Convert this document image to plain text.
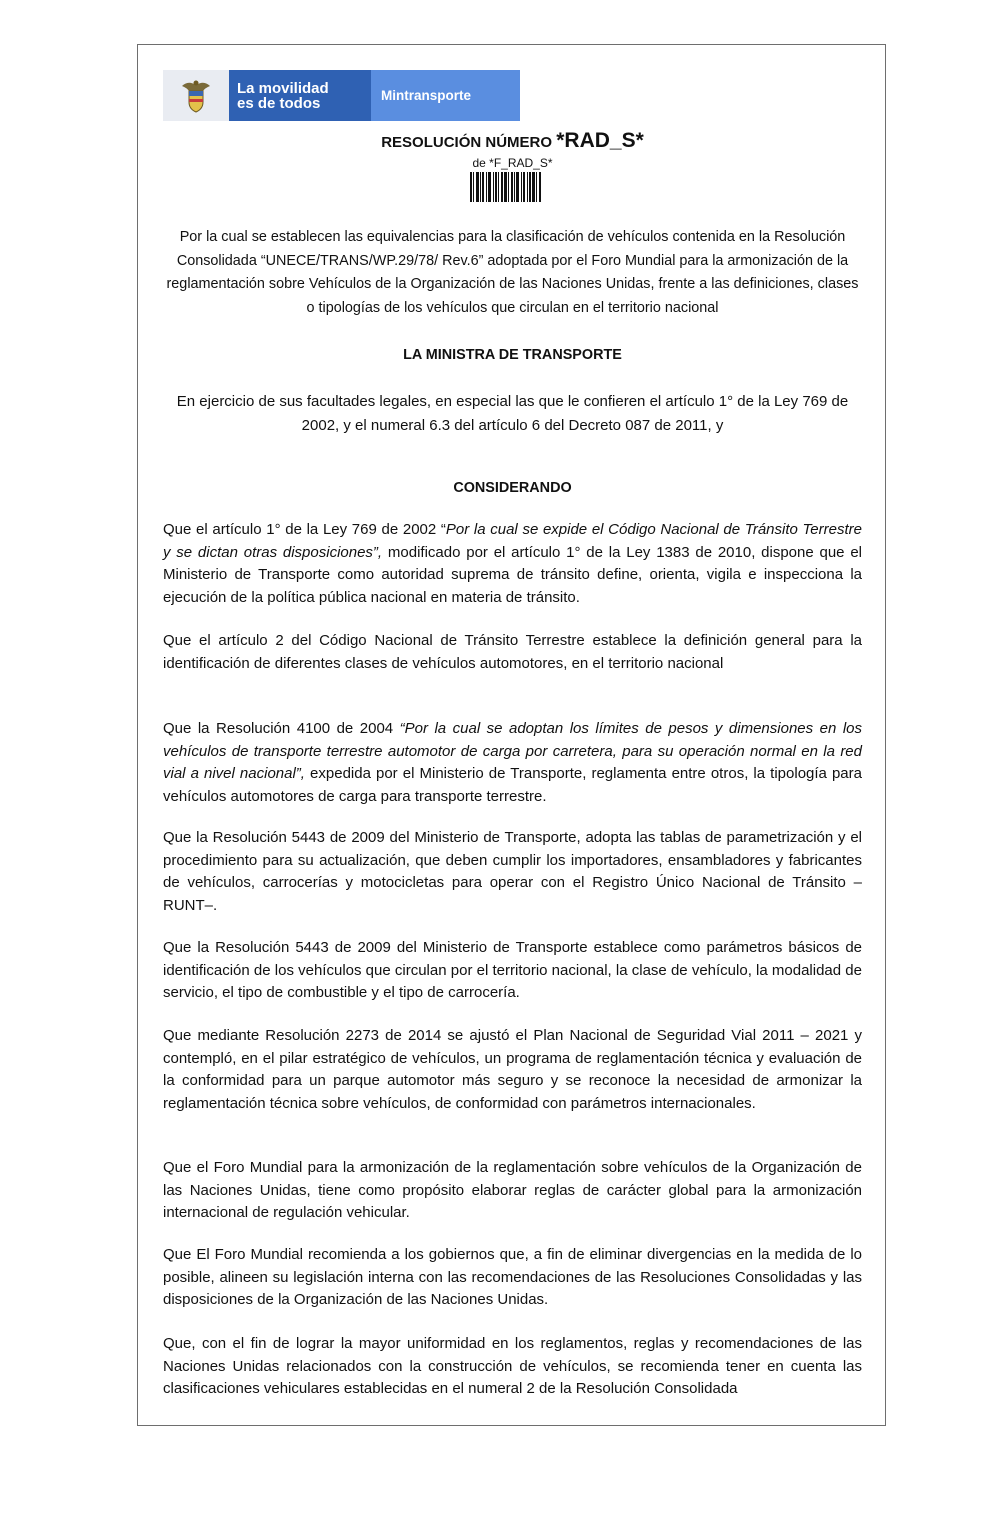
La movilidad
es de todos	Mintransporte
RESOLUCIÓN NÚMERO *RAD_S*
de *F_RAD_S*
Por la cual se establecen las equivalencias para la clasificación de vehículos contenida en la Resolución Consolidada “UNECE/TRANS/WP.29/78/ Rev.6” adoptada por el Foro Mundial para la armonización de la reglamentación sobre Vehículos de la Organización de las Naciones Unidas, frente a las definiciones, clases o tipologías de los vehículos que circulan en el territorio nacional
LA MINISTRA DE TRANSPORTE
En ejercicio de sus facultades legales, en especial las que le confieren el artículo 1° de la Ley 769 de 2002, y el numeral 6.3 del artículo 6 del Decreto 087 de 2011, y
CONSIDERANDO

Que el artículo 1° de la Ley 769 de 2002 “Por la cual se expide el Código Nacional de Tránsito Terrestre y se dictan otras disposiciones”, modificado por el artículo 1° de la Ley 1383 de 2010, dispone que el Ministerio de Transporte como autoridad suprema de tránsito define, orienta, vigila e inspecciona la ejecución de la política pública nacional en materia de tránsito.

Que el artículo 2 del Código Nacional de Tránsito Terrestre establece la definición general para la identificación de diferentes clases de vehículos automotores, en el territorio nacional

Que la Resolución 4100 de 2004 “Por la cual se adoptan los límites de pesos y dimensiones en los vehículos de transporte terrestre automotor de carga por carretera, para su operación normal en la red vial a nivel nacional”, expedida por el Ministerio de Transporte, reglamenta entre otros, la tipología para vehículos automotores de carga para transporte terrestre.

Que la Resolución 5443 de 2009 del Ministerio de Transporte, adopta las tablas de parametrización y el procedimiento para su actualización, que deben cumplir los importadores, ensambladores y fabricantes de vehículos, carrocerías y motocicletas para operar con el Registro Único Nacional de Tránsito –RUNT–.

Que la Resolución 5443 de 2009 del Ministerio de Transporte establece como parámetros básicos de identificación de los vehículos que circulan por el territorio nacional, la clase de vehículo, la modalidad de servicio, el tipo de combustible y el tipo de carrocería.

Que mediante Resolución 2273 de 2014 se ajustó el Plan Nacional de Seguridad Vial 2011 – 2021 y contempló, en el pilar estratégico de vehículos, un programa de reglamentación técnica y evaluación de la conformidad para un parque automotor más seguro y se reconoce la necesidad de armonizar la reglamentación técnica sobre vehículos, de conformidad con parámetros internacionales.

Que el Foro Mundial para la armonización de la reglamentación sobre vehículos de la Organización de las Naciones Unidas, tiene como propósito elaborar reglas de carácter global para la armonización internacional de regulación vehicular.

Que El Foro Mundial recomienda a los gobiernos que, a fin de eliminar divergencias en la medida de lo posible, alineen su legislación interna con las recomendaciones de las Resoluciones Consolidadas y las disposiciones de la Organización de las Naciones Unidas.

Que, con el fin de lograr la mayor uniformidad en los reglamentos, reglas y recomendaciones de las Naciones Unidas relacionados con la construcción de vehículos, se recomienda tener en cuenta las clasificaciones vehiculares establecidas en el numeral 2 de la Resolución Consolidada
